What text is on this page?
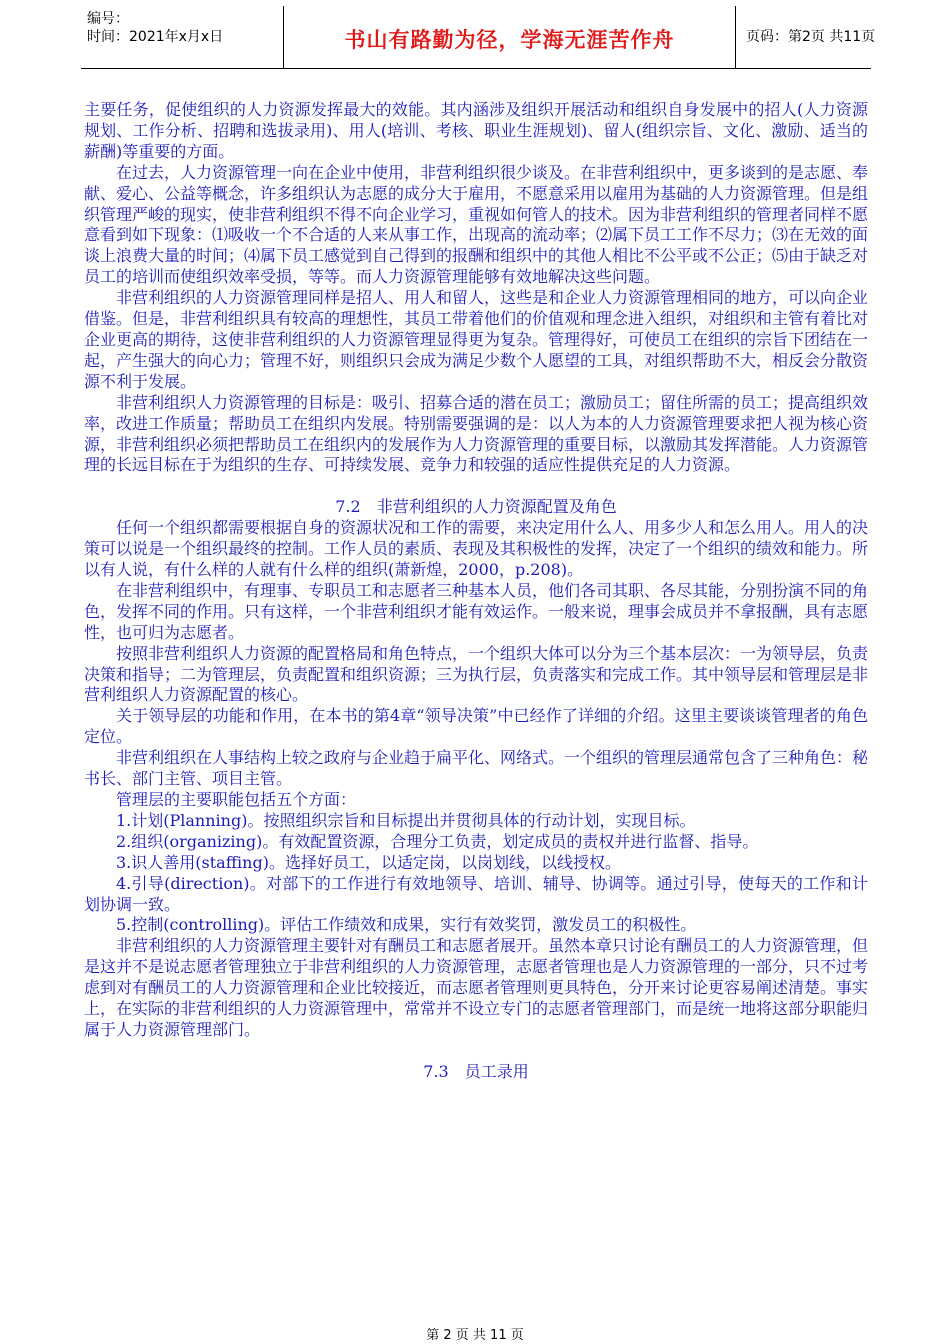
编号：
时间：2021年x月x日	书山有路勤为径，学海无涯苦作舟	页码：第2页 共11页

主要任务，促使组织的人力资源发挥最大的效能。其内涵涉及组织开展活动和组织自身发展中的招人(人力资源规划、工作分析、招聘和选拔录用)、用人(培训、考核、职业生涯规划)、留人(组织宗旨、文化、激励、适当的薪酬)等重要的方面。

在过去，人力资源管理一向在企业中使用，非营利组织很少谈及。在非营利组织中，更多谈到的是志愿、奉献、爱心、公益等概念，许多组织认为志愿的成分大于雇用，不愿意采用以雇用为基础的人力资源管理。但是组织管理严峻的现实，使非营利组织不得不向企业学习，重视如何管人的技术。因为非营利组织的管理者同样不愿意看到如下现象：⑴吸收一个不合适的人来从事工作，出现高的流动率；⑵属下员工工作不尽力；⑶在无效的面谈上浪费大量的时间；⑷属下员工感觉到自己得到的报酬和组织中的其他人相比不公平或不公正；⑸由于缺乏对员工的培训而使组织效率受损，等等。而人力资源管理能够有效地解决这些问题。

非营利组织的人力资源管理同样是招人、用人和留人，这些是和企业人力资源管理相同的地方，可以向企业借鉴。但是，非营利组织具有较高的理想性，其员工带着他们的价值观和理念进入组织，对组织和主管有着比对企业更高的期待，这使非营利组织的人力资源管理显得更为复杂。管理得好，可使员工在组织的宗旨下团结在一起，产生强大的向心力；管理不好，则组织只会成为满足少数个人愿望的工具，对组织帮助不大，相反会分散资源不利于发展。

非营利组织人力资源管理的目标是：吸引、招募合适的潜在员工；激励员工；留住所需的员工；提高组织效率，改进工作质量；帮助员工在组织内发展。特别需要强调的是：以人为本的人力资源管理要求把人视为核心资源，非营利组织必须把帮助员工在组织内的发展作为人力资源管理的重要目标，以激励其发挥潜能。人力资源管理的长远目标在于为组织的生存、可持续发展、竞争力和较强的适应性提供充足的人力资源。

7.2　非营利组织的人力资源配置及角色

任何一个组织都需要根据自身的资源状况和工作的需要，来决定用什么人、用多少人和怎么用人。用人的决策可以说是一个组织最终的控制。工作人员的素质、表现及其积极性的发挥，决定了一个组织的绩效和能力。所以有人说，有什么样的人就有什么样的组织(萧新煌，2000，p.208)。

在非营利组织中，有理事、专职员工和志愿者三种基本人员，他们各司其职、各尽其能，分别扮演不同的角色，发挥不同的作用。只有这样，一个非营利组织才能有效运作。一般来说，理事会成员并不拿报酬，具有志愿性，也可归为志愿者。

按照非营利组织人力资源的配置格局和角色特点，一个组织大体可以分为三个基本层次：一为领导层，负责决策和指导；二为管理层，负责配置和组织资源；三为执行层，负责落实和完成工作。其中领导层和管理层是非营利组织人力资源配置的核心。

关于领导层的功能和作用，在本书的第4章“领导决策”中已经作了详细的介绍。这里主要谈谈管理者的角色定位。

非营利组织在人事结构上较之政府与企业趋于扁平化、网络式。一个组织的管理层通常包含了三种角色：秘书长、部门主管、项目主管。

管理层的主要职能包括五个方面：

1.计划(Planning)。按照组织宗旨和目标提出并贯彻具体的行动计划，实现目标。

2.组织(organizing)。有效配置资源，合理分工负责，划定成员的责权并进行监督、指导。

3.识人善用(staffing)。选择好员工，以适定岗，以岗划线，以线授权。

4.引导(direction)。对部下的工作进行有效地领导、培训、辅导、协调等。通过引导，使每天的工作和计划协调一致。

5.控制(controlling)。评估工作绩效和成果，实行有效奖罚，激发员工的积极性。

非营利组织的人力资源管理主要针对有酬员工和志愿者展开。虽然本章只讨论有酬员工的人力资源管理，但是这并不是说志愿者管理独立于非营利组织的人力资源管理，志愿者管理也是人力资源管理的一部分，只不过考虑到对有酬员工的人力资源管理和企业比较接近，而志愿者管理则更具特色，分开来讨论更容易阐述清楚。事实上，在实际的非营利组织的人力资源管理中，常常并不设立专门的志愿者管理部门，而是统一地将这部分职能归属于人力资源管理部门。

7.3　员工录用
第 2 页 共 11 页
